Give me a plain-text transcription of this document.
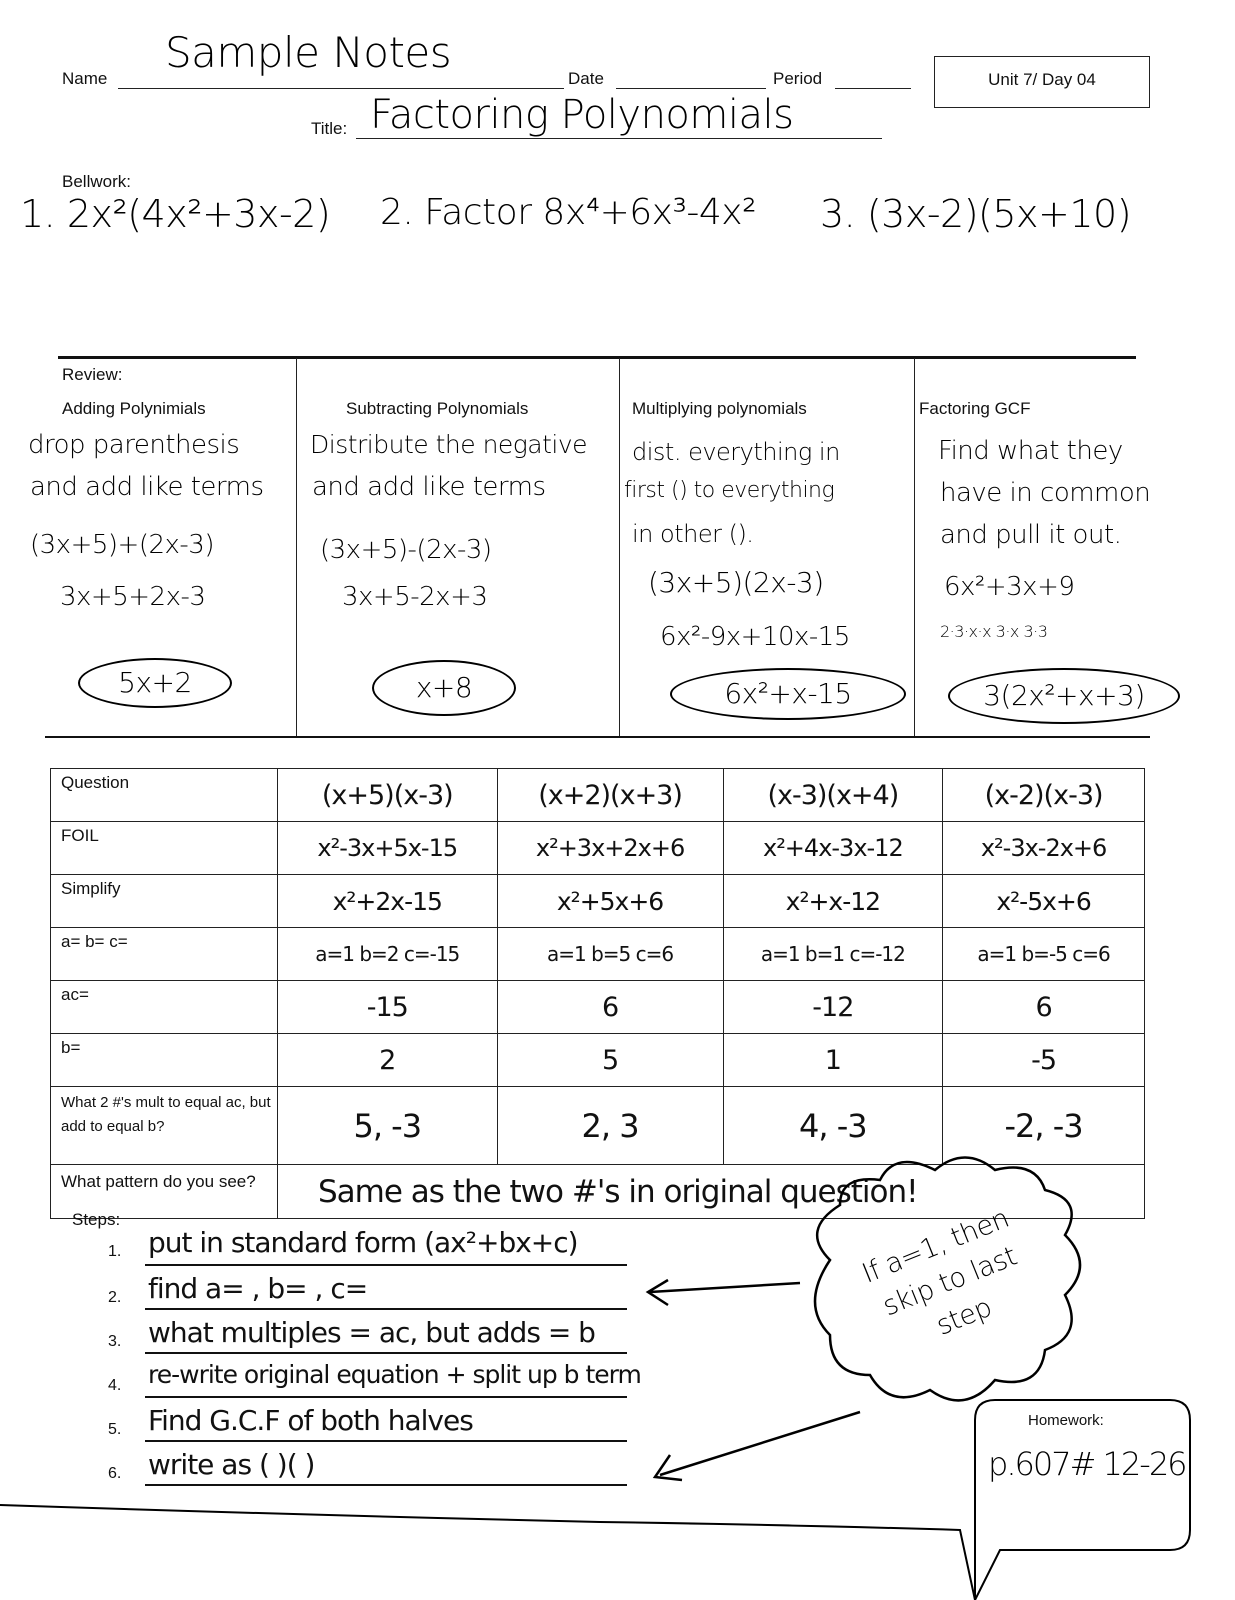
Name
Sample Notes
Date	Period	Unit 7/ Day 04
Title: Factoring Polynomials
Bellwork:
1. 2x²(4x²+3x-2) 2. Factor 8x⁴+6x³-4x² 3. (3x-2)(5x+10)
Review:
Adding Polynimials
drop parenthesis
and add like terms
(3x+5)+(2x-3)
3x+5+2x-3
5x+2
Subtracting Polynomials
Distribute the negative
and add like terms
(3x+5)-(2x-3)
3x+5-2x+3
x+8
Multiplying polynomials
dist. everything in
first () to everything
in other ().
(3x+5)(2x-3)
6x²-9x+10x-15
6x²+x-15
Factoring GCF
Find what they
have in common
and pull it out.
6x²+3x+9
2·3·x·x 3·x 3·3
3(2x²+x+3)
Question	(x+5)(x-3)	(x+2)(x+3)	(x-3)(x+4)	(x-2)(x-3)
FOIL	x²-3x+5x-15	x²+3x+2x+6	x²+4x-3x-12	x²-3x-2x+6
Simplify	x²+2x-15	x²+5x+6	x²+x-12	x²-5x+6
a= b= c=	a=1 b=2 c=-15	a=1 b=5 c=6	a=1 b=1 c=-12	a=1 b=-5 c=6
ac=	-15	6	-12	6
b=	2	5	1	-5
What 2 #'s mult to equal ac, but add to equal b?	5, -3	2, 3	4, -3	-2, -3
What pattern do you see?	Same as the two #'s in original question!			
Steps:
1. put in standard form (ax²+bx+c)
2. find a= , b= , c=
3. what multiples = ac, but adds = b
4. re-write original equation + split up b term
5. Find G.C.F of both halves
6. write as ( )( )
If a=1, then skip to last step
Homework:
p.607# 12-26
